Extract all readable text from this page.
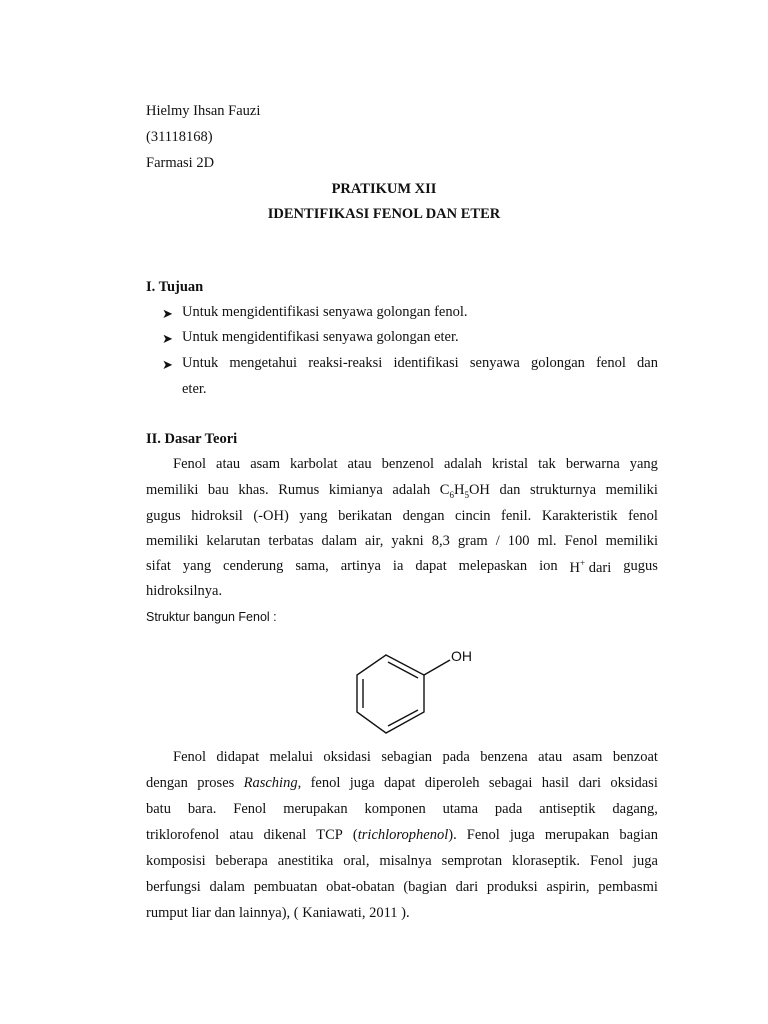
Hielmy Ihsan Fauzi
(31118168)
Farmasi 2D
PRATIKUM XII
IDENTIFIKASI FENOL DAN ETER
I. Tujuan
➤ Untuk mengidentifikasi senyawa golongan fenol.
➤ Untuk mengidentifikasi senyawa golongan eter.
➤ Untuk mengetahui reaksi-reaksi identifikasi senyawa golongan fenol dan
eter.
II. Dasar Teori
Fenol atau asam karbolat atau benzenol adalah kristal tak berwarna yang
memiliki bau khas. Rumus kimianya adalah $C_6H_5OH$ dan strukturnya memiliki
gugus hidroksil (-OH) yang berikatan dengan cincin fenil. Karakteristik fenol
memiliki kelarutan terbatas dalam air, yakni 8,3 gram / 100 ml. Fenol memiliki
sifat yang cenderung sama, artinya ia dapat melepaskan ion H+ dari gugus
hidroksilnya.
Struktur bangun Fenol :
OH
Fenol didapat melalui oksidasi sebagian pada benzena atau asam benzoat
dengan proses Rasching, fenol juga dapat diperoleh sebagai hasil dari oksidasi
batu bara. Fenol merupakan komponen utama pada antiseptik dagang,
triklorofenol atau dikenal TCP (trichlorophenol). Fenol juga merupakan bagian
komposisi beberapa anestitika oral, misalnya semprotan kloraseptik. Fenol juga
berfungsi dalam pembuatan obat-obatan (bagian dari produksi aspirin, pembasmi
rumput liar dan lainnya), ( Kaniawati, 2011 ).
